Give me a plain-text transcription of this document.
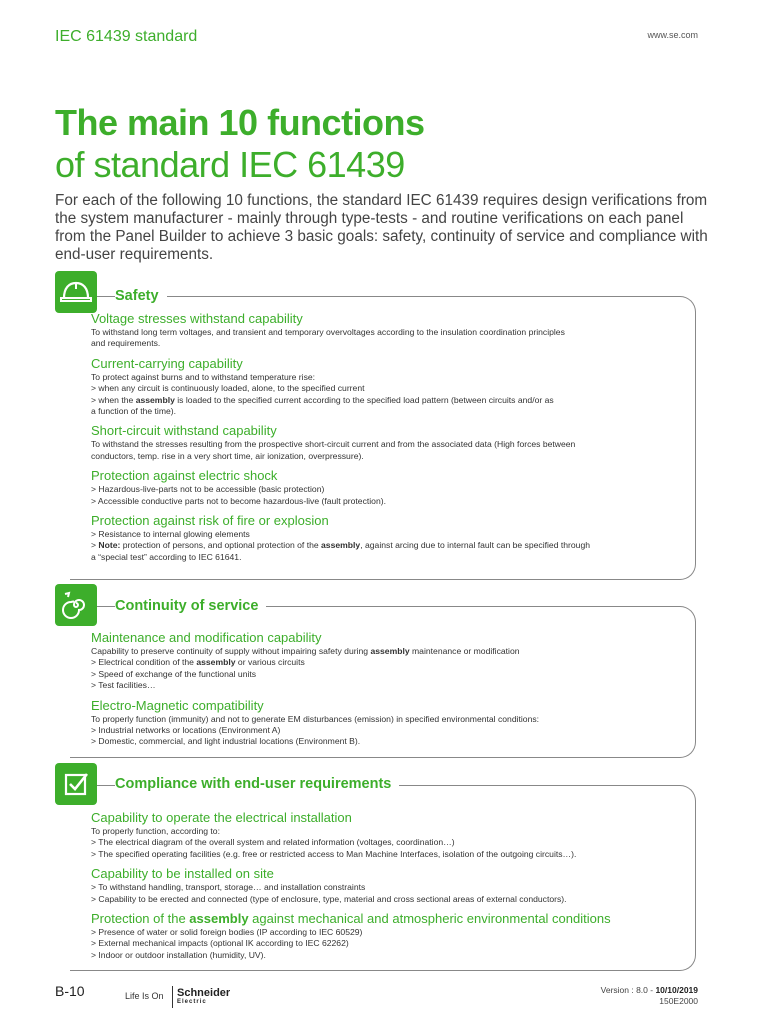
IEC 61439 standard	www.se.com
The main 10 functions
of standard IEC 61439
For each of the following 10 functions, the standard IEC 61439 requires design verifications from the system manufacturer - mainly through type-tests - and routine verifications on each panel from the Panel Builder to achieve 3 basic goals: safety, continuity of service and compliance with end-user requirements.
Safety
Voltage stresses withstand capability
To withstand long term voltages, and transient and temporary overvoltages according to the insulation coordination principles
and requirements.
Current-carrying capability
To protect against burns and to withstand temperature rise:
> when any circuit is continuously loaded, alone, to the specified current
> when the assembly is loaded to the specified current according to the specified load pattern (between circuits and/or as
a function of the time).
Short-circuit withstand capability
To withstand the stresses resulting from the prospective short-circuit current and from the associated data (High forces between
conductors, temp. rise in a very short time, air ionization, overpressure).
Protection against electric shock
> Hazardous-live-parts not to be accessible (basic protection)
> Accessible conductive parts not to become hazardous-live (fault protection).
Protection against risk of fire or explosion
> Resistance to internal glowing elements
> Note: protection of persons, and optional protection of the assembly, against arcing due to internal fault can be specified through
a “special test” according to IEC 61641.
Continuity of service
Maintenance and modification capability
Capability to preserve continuity of supply without impairing safety during assembly maintenance or modification
> Electrical condition of the assembly or various circuits
> Speed of exchange of the functional units
> Test facilities…
Electro-Magnetic compatibility
To properly function (immunity) and not to generate EM disturbances (emission) in specified environmental conditions:
> Industrial networks or locations (Environment A)
> Domestic, commercial, and light industrial locations (Environment B).
Compliance with end-user requirements
Capability to operate the electrical installation
To properly function, according to:
> The electrical diagram of the overall system and related information (voltages, coordination…)
> The specified operating facilities (e.g. free or restricted access to Man Machine Interfaces, isolation of the outgoing circuits…).
Capability to be installed on site
> To withstand handling, transport, storage… and installation constraints
> Capability to be erected and connected (type of enclosure, type, material and cross sectional areas of external conductors).
Protection of the assembly against mechanical and atmospheric environmental conditions
> Presence of water or solid foreign bodies (IP according to IEC 60529)
> External mechanical impacts (optional IK according to IEC 62262)
> Indoor or outdoor installation (humidity, UV).
B-10	Life Is On Schneider
Electric
Version : 8.0 - 10/10/2019
150E2000
